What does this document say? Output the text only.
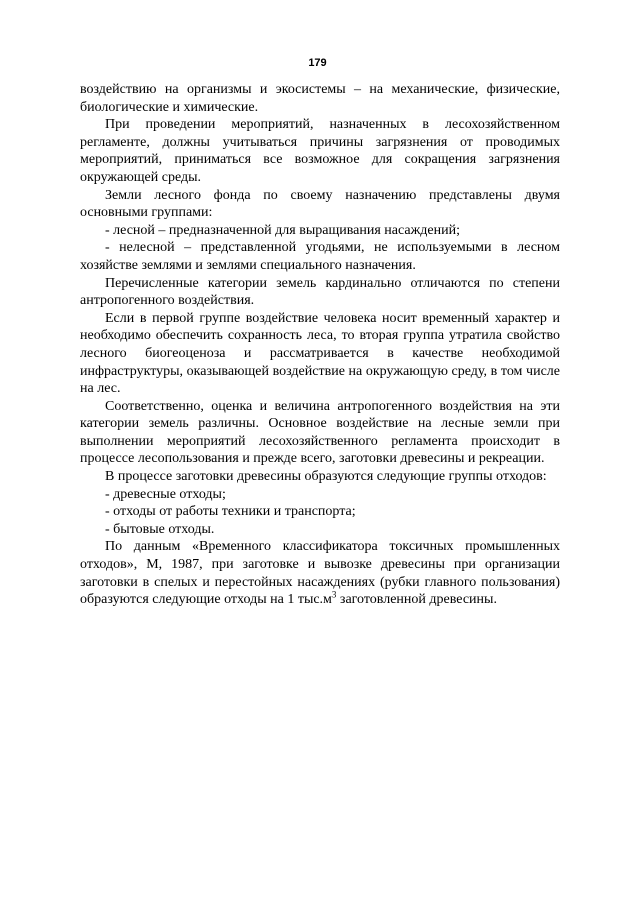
179

воздействию на организмы и экосистемы – на механические, физические, биологические и химические.

При проведении мероприятий, назначенных в лесохозяйственном регламенте, должны учитываться причины загрязнения от проводимых мероприятий, приниматься все возможное для сокращения загрязнения окружающей среды.

Земли лесного фонда по своему назначению представлены двумя основными группами:

- лесной – предназначенной для выращивания насаждений;

- нелесной – представленной угодьями, не используемыми в лесном хозяйстве землями и землями специального назначения.

Перечисленные категории земель кардинально отличаются по степени антропогенного воздействия.

Если в первой группе воздействие человека носит временный характер и необходимо обеспечить сохранность леса, то вторая группа утратила свойство лесного биогеоценоза и рассматривается в качестве необходимой инфраструктуры, оказывающей воздействие на окружающую среду, в том числе на лес.

Соответственно, оценка и величина антропогенного воздействия на эти категории земель различны. Основное воздействие на лесные земли при выполнении мероприятий лесохозяйственного регламента происходит в процессе лесопользования и прежде всего, заготовки древесины и рекреации.

В процессе заготовки древесины образуются следующие группы отходов:

- древесные отходы;

- отходы от работы техники и транспорта;

- бытовые отходы.

По данным «Временного классификатора токсичных промышленных отходов», М, 1987, при заготовке и вывозке древесины при организации заготовки в спелых и перестойных насаждениях (рубки главного пользования) образуются следующие отходы на 1 $тыс.м^3$ заготовленной древесины.
